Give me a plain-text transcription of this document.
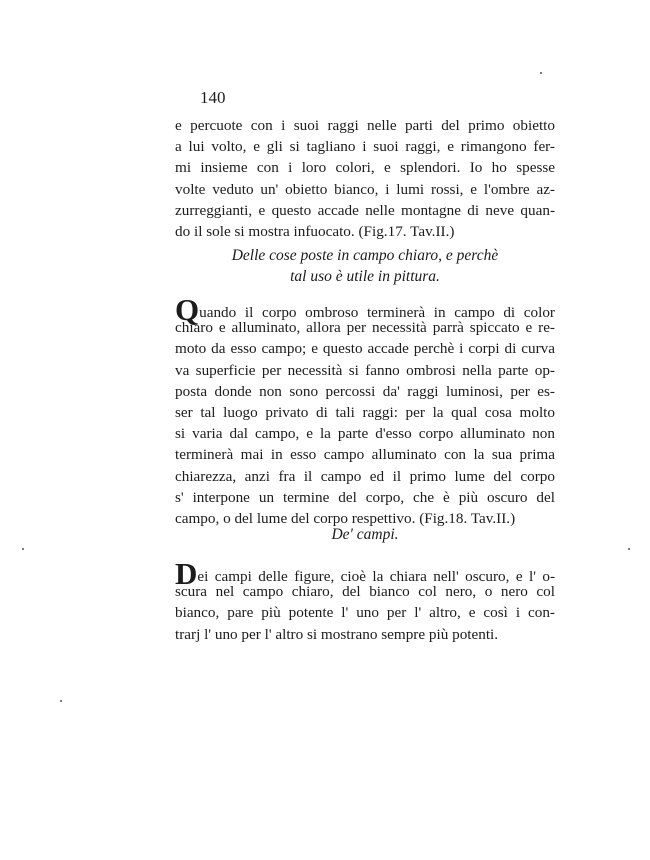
140
e percuote con i suoi raggi nelle parti del primo obietto
a lui volto, e gli si tagliano i suoi raggi, e rimangono fer-
mi insieme con i loro colori, e splendori. Io ho spesse
volte veduto un' obietto bianco, i lumi rossi, e l'ombre az-
zurreggianti, e questo accade nelle montagne di neve quan-
do il sole si mostra infuocato. (Fig.17. Tav.II.)
Delle cose poste in campo chiaro, e perchè
tal uso è utile in pittura.
Quando il corpo ombroso terminerà in campo di color
chiaro e alluminato, allora per necessità parrà spiccato e re-
moto da esso campo; e questo accade perchè i corpi di curva
va superficie per necessità si fanno ombrosi nella parte op-
posta donde non sono percossi da' raggi luminosi, per es-
ser tal luogo privato di tali raggi: per la qual cosa molto
si varia dal campo, e la parte d'esso corpo alluminato non
terminerà mai in esso campo alluminato con la sua prima
chiarezza, anzi fra il campo ed il primo lume del corpo
s' interpone un termine del corpo, che è più oscuro del
campo, o del lume del corpo respettivo. (Fig.18. Tav.II.)
De' campi.
Dei campi delle figure, cioè la chiara nell' oscuro, e l' o-
scura nel campo chiaro, del bianco col nero, o nero col
bianco, pare più potente l' uno per l' altro, e così i con-
trarj l' uno per l' altro si mostrano sempre più potenti.
